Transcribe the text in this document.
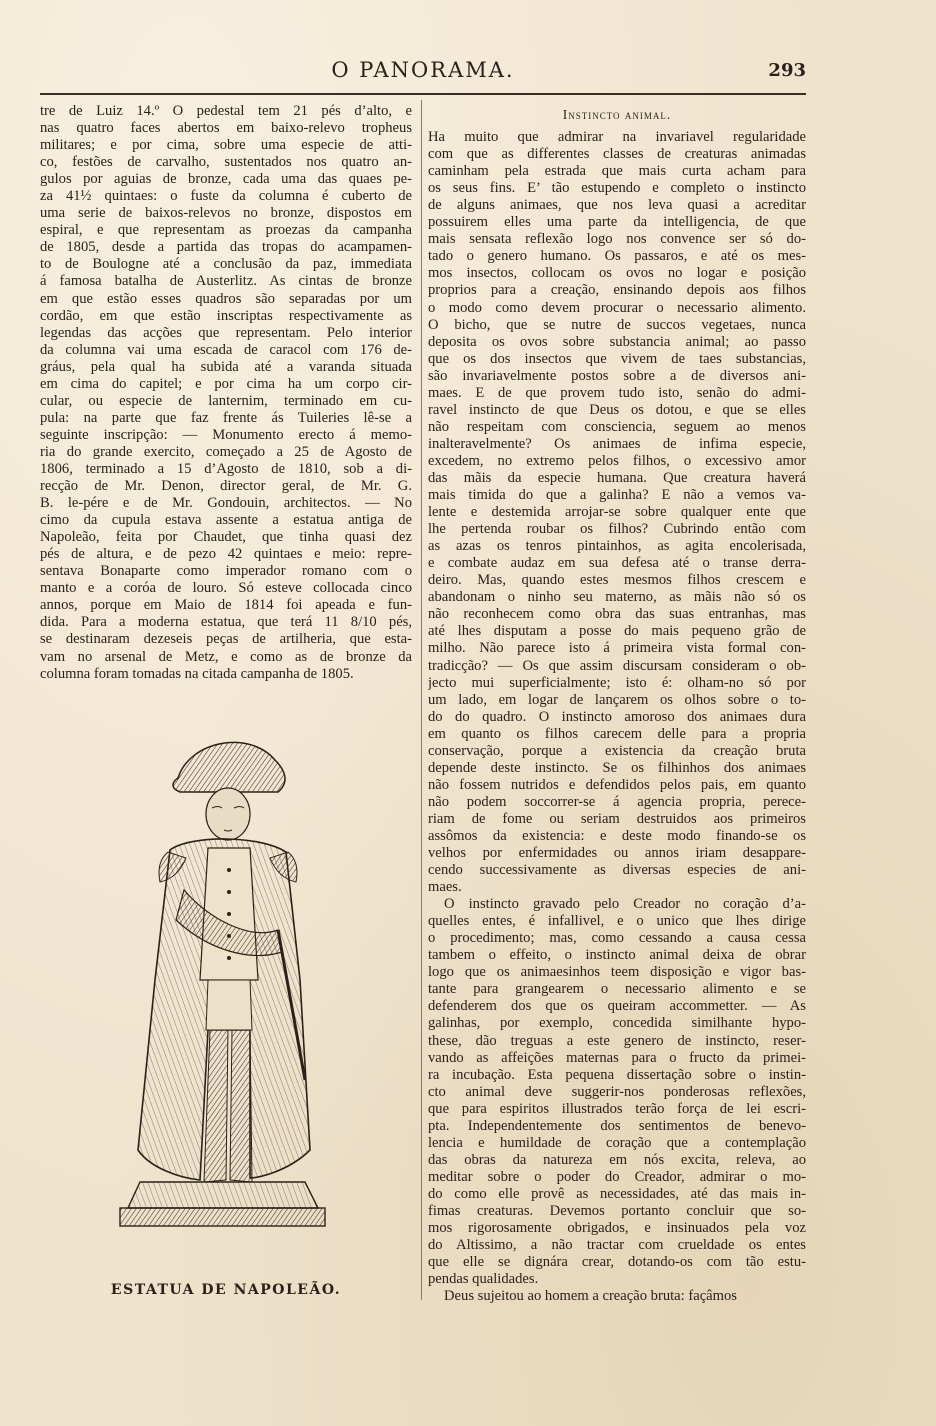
O PANORAMA.	293
tre de Luiz 14.º O pedestal tem 21 pés d’alto, e
nas quatro faces abertos em baixo-relevo tropheus
militares; e por cima, sobre uma especie de atti-
co, festões de carvalho, sustentados nos quatro an-
gulos por aguias de bronze, cada uma das quaes pe-
za 41½ quintaes: o fuste da columna é cuberto de
uma serie de baixos-relevos no bronze, dispostos em
espiral, e que representam as proezas da campanha
de 1805, desde a partida das tropas do acampamen-
to de Boulogne até a conclusão da paz, immediata
á famosa batalha de Austerlitz. As cintas de bronze
em que estão esses quadros são separadas por um
cordão, em que estão inscriptas respectivamente as
legendas das acções que representam. Pelo interior
da columna vai uma escada de caracol com 176 de-
gráus, pela qual ha subida até a varanda situada
em cima do capitel; e por cima ha um corpo cir-
cular, ou especie de lanternim, terminado em cu-
pula: na parte que faz frente ás Tuileries lê-se a
seguinte inscripção: — Monumento erecto á memo-
ria do grande exercito, começado a 25 de Agosto de
1806, terminado a 15 d’Agosto de 1810, sob a di-
recção de Mr. Denon, director geral, de Mr. G.
B. le-pére e de Mr. Gondouin, architectos. — No
cimo da cupula estava assente a estatua antiga de
Napoleão, feita por Chaudet, que tinha quasi dez
pés de altura, e de pezo 42 quintaes e meio: repre-
sentava Bonaparte como imperador romano com o
manto e a coróa de louro. Só esteve collocada cinco
annos, porque em Maio de 1814 foi apeada e fun-
dida. Para a moderna estatua, que terá 11 8/10 pés,
se destinaram dezeseis peças de artilheria, que esta-
vam no arsenal de Metz, e como as de bronze da
columna foram tomadas na citada campanha de 1805.
ESTATUA DE NAPOLEÃO.
Instincto animal.
Ha muito que admirar na invariavel regularidade
com que as differentes classes de creaturas animadas
caminham pela estrada que mais curta acham para
os seus fins. E’ tão estupendo e completo o instincto
de alguns animaes, que nos leva quasi a acreditar
possuirem elles uma parte da intelligencia, de que
mais sensata reflexão logo nos convence ser só do-
tado o genero humano. Os passaros, e até os mes-
mos insectos, collocam os ovos no logar e posição
proprios para a creação, ensinando depois aos filhos
o modo como devem procurar o necessario alimento.
O bicho, que se nutre de succos vegetaes, nunca
deposita os ovos sobre substancia animal; ao passo
que os dos insectos que vivem de taes substancias,
são invariavelmente postos sobre a de diversos ani-
maes. E de que provem tudo isto, senão do admi-
ravel instincto de que Deus os dotou, e que se elles
não respeitam com consciencia, seguem ao menos
inalteravelmente? Os animaes de infima especie,
excedem, no extremo pelos filhos, o excessivo amor
das mãis da especie humana. Que creatura haverá
mais timida do que a galinha? E não a vemos va-
lente e destemida arrojar-se sobre qualquer ente que
lhe pertenda roubar os filhos? Cubrindo então com
as azas os tenros pintainhos, as agita encolerisada,
e combate audaz em sua defesa até o transe derra-
deiro. Mas, quando estes mesmos filhos crescem e
abandonam o ninho seu materno, as mãis não só os
não reconhecem como obra das suas entranhas, mas
até lhes disputam a posse do mais pequeno grão de
milho. Não parece isto á primeira vista formal con-
tradicção? — Os que assim discursam consideram o ob-
jecto mui superficialmente; isto é: olham-no só por
um lado, em logar de lançarem os olhos sobre o to-
do do quadro. O instincto amoroso dos animaes dura
em quanto os filhos carecem delle para a propria
conservação, porque a existencia da creação bruta
depende deste instincto. Se os filhinhos dos animaes
não fossem nutridos e defendidos pelos pais, em quanto
não podem soccorrer-se á agencia propria, perece-
riam de fome ou seriam destruidos aos primeiros
assômos da existencia: e deste modo finando-se os
velhos por enfermidades ou annos iriam desappare-
cendo successivamente as diversas especies de ani-
maes.
O instincto gravado pelo Creador no coração d’a-
quelles entes, é infallivel, e o unico que lhes dirige
o procedimento; mas, como cessando a causa cessa
tambem o effeito, o instincto animal deixa de obrar
logo que os animaesinhos teem disposição e vigor bas-
tante para grangearem o necessario alimento e se
defenderem dos que os queiram accommetter. — As
galinhas, por exemplo, concedida similhante hypo-
these, dão treguas a este genero de instincto, reser-
vando as affeições maternas para o fructo da primei-
ra incubação. Esta pequena dissertação sobre o instin-
cto animal deve suggerir-nos ponderosas reflexões,
que para espiritos illustrados terão força de lei escri-
pta. Independentemente dos sentimentos de benevo-
lencia e humildade de coração que a contemplação
das obras da natureza em nós excita, releva, ao
meditar sobre o poder do Creador, admirar o mo-
do como elle provê as necessidades, até das mais in-
fimas creaturas. Devemos portanto concluir que so-
mos rigorosamente obrigados, e insinuados pela voz
do Altissimo, a não tractar com crueldade os entes
que elle se dignára crear, dotando-os com tão estu-
pendas qualidades.
Deus sujeitou ao homem a creação bruta: façâmos
